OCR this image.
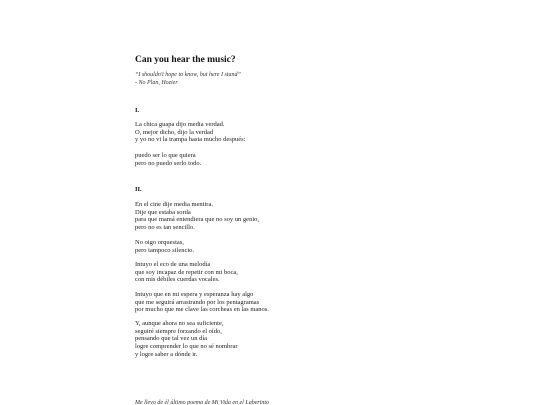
Can you hear the music?
“I shouldn't hope to know, but here I stand”
- No Plan, Hozier
I.
La chica guapa dijo media verdad.
O, mejor dicho, dijo la verdad
y yo no vi la trampa hasta mucho después:
puedo ser lo que quiera
pero no puedo serlo todo.
II.
En el cine dije media mentira.
Dije que estaba sorda
para que mamá entendiera que no soy un genio,
pero no es tan sencillo.
No oigo orquestas,
pero tampoco silencio.
Intuyo el eco de una melodía
que soy incapaz de repetir con mi boca,
con mis débiles cuerdas vocales.
Intuyo que en mi espera y esperanza hay algo
que me seguirá arrastrando por los pentagramas
por mucho que me clave las corcheas en las manos.
Y, aunque ahora no sea suficiente,
seguiré siempre forzando el oído,
pensando que tal vez un día
logre comprender lo que no sé nombrar
y logre saber a dónde ir.
Me llevo de él último poema de Mi Vida en el Laberinto
